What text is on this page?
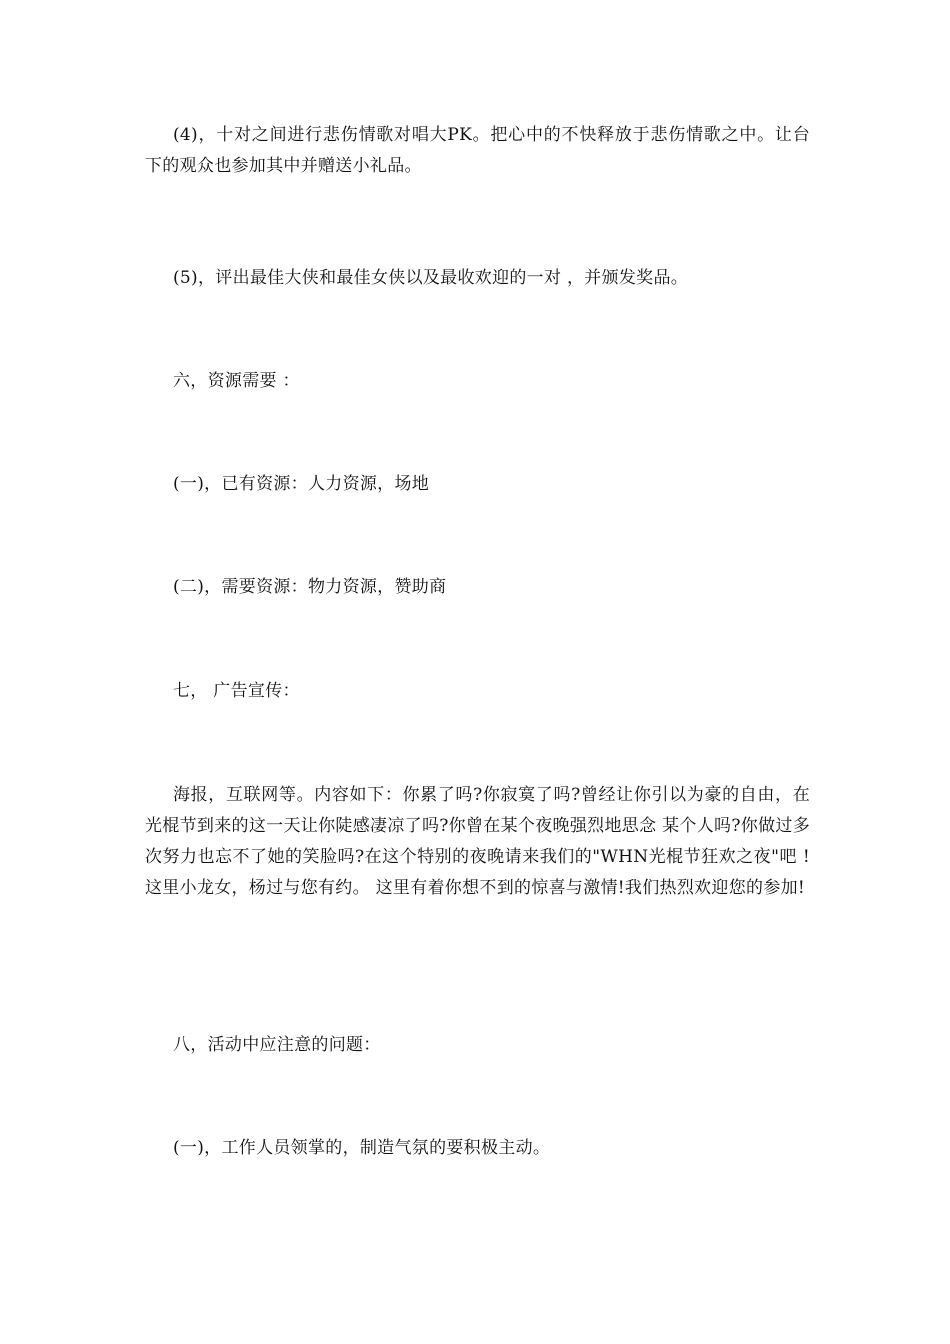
(4)，十对之间进行悲伤情歌对唱大PK。把心中的不快释放于悲伤情歌之中。让台下的观众也参加其中并赠送小礼品。

(5)，评出最佳大侠和最佳女侠以及最收欢迎的一对 ，并颁发奖品。

六，资源需要 ：

(一)，已有资源：人力资源，场地

(二)，需要资源：物力资源，赞助商

七， 广告宣传：

海报，互联网等。内容如下：你累了吗?你寂寞了吗?曾经让你引以为豪的自由，在光棍节到来的这一天让你陡感凄凉了吗?你曾在某个夜晚强烈地思念 某个人吗?你做过多次努力也忘不了她的笑脸吗?在这个特别的夜晚请来我们的"WHN光棍节狂欢之夜"吧 !这里小龙女，杨过与您有约。 这里有着你想不到的惊喜与激情!我们热烈欢迎您的参加!

八，活动中应注意的问题：

(一)，工作人员领掌的，制造气氛的要积极主动。
